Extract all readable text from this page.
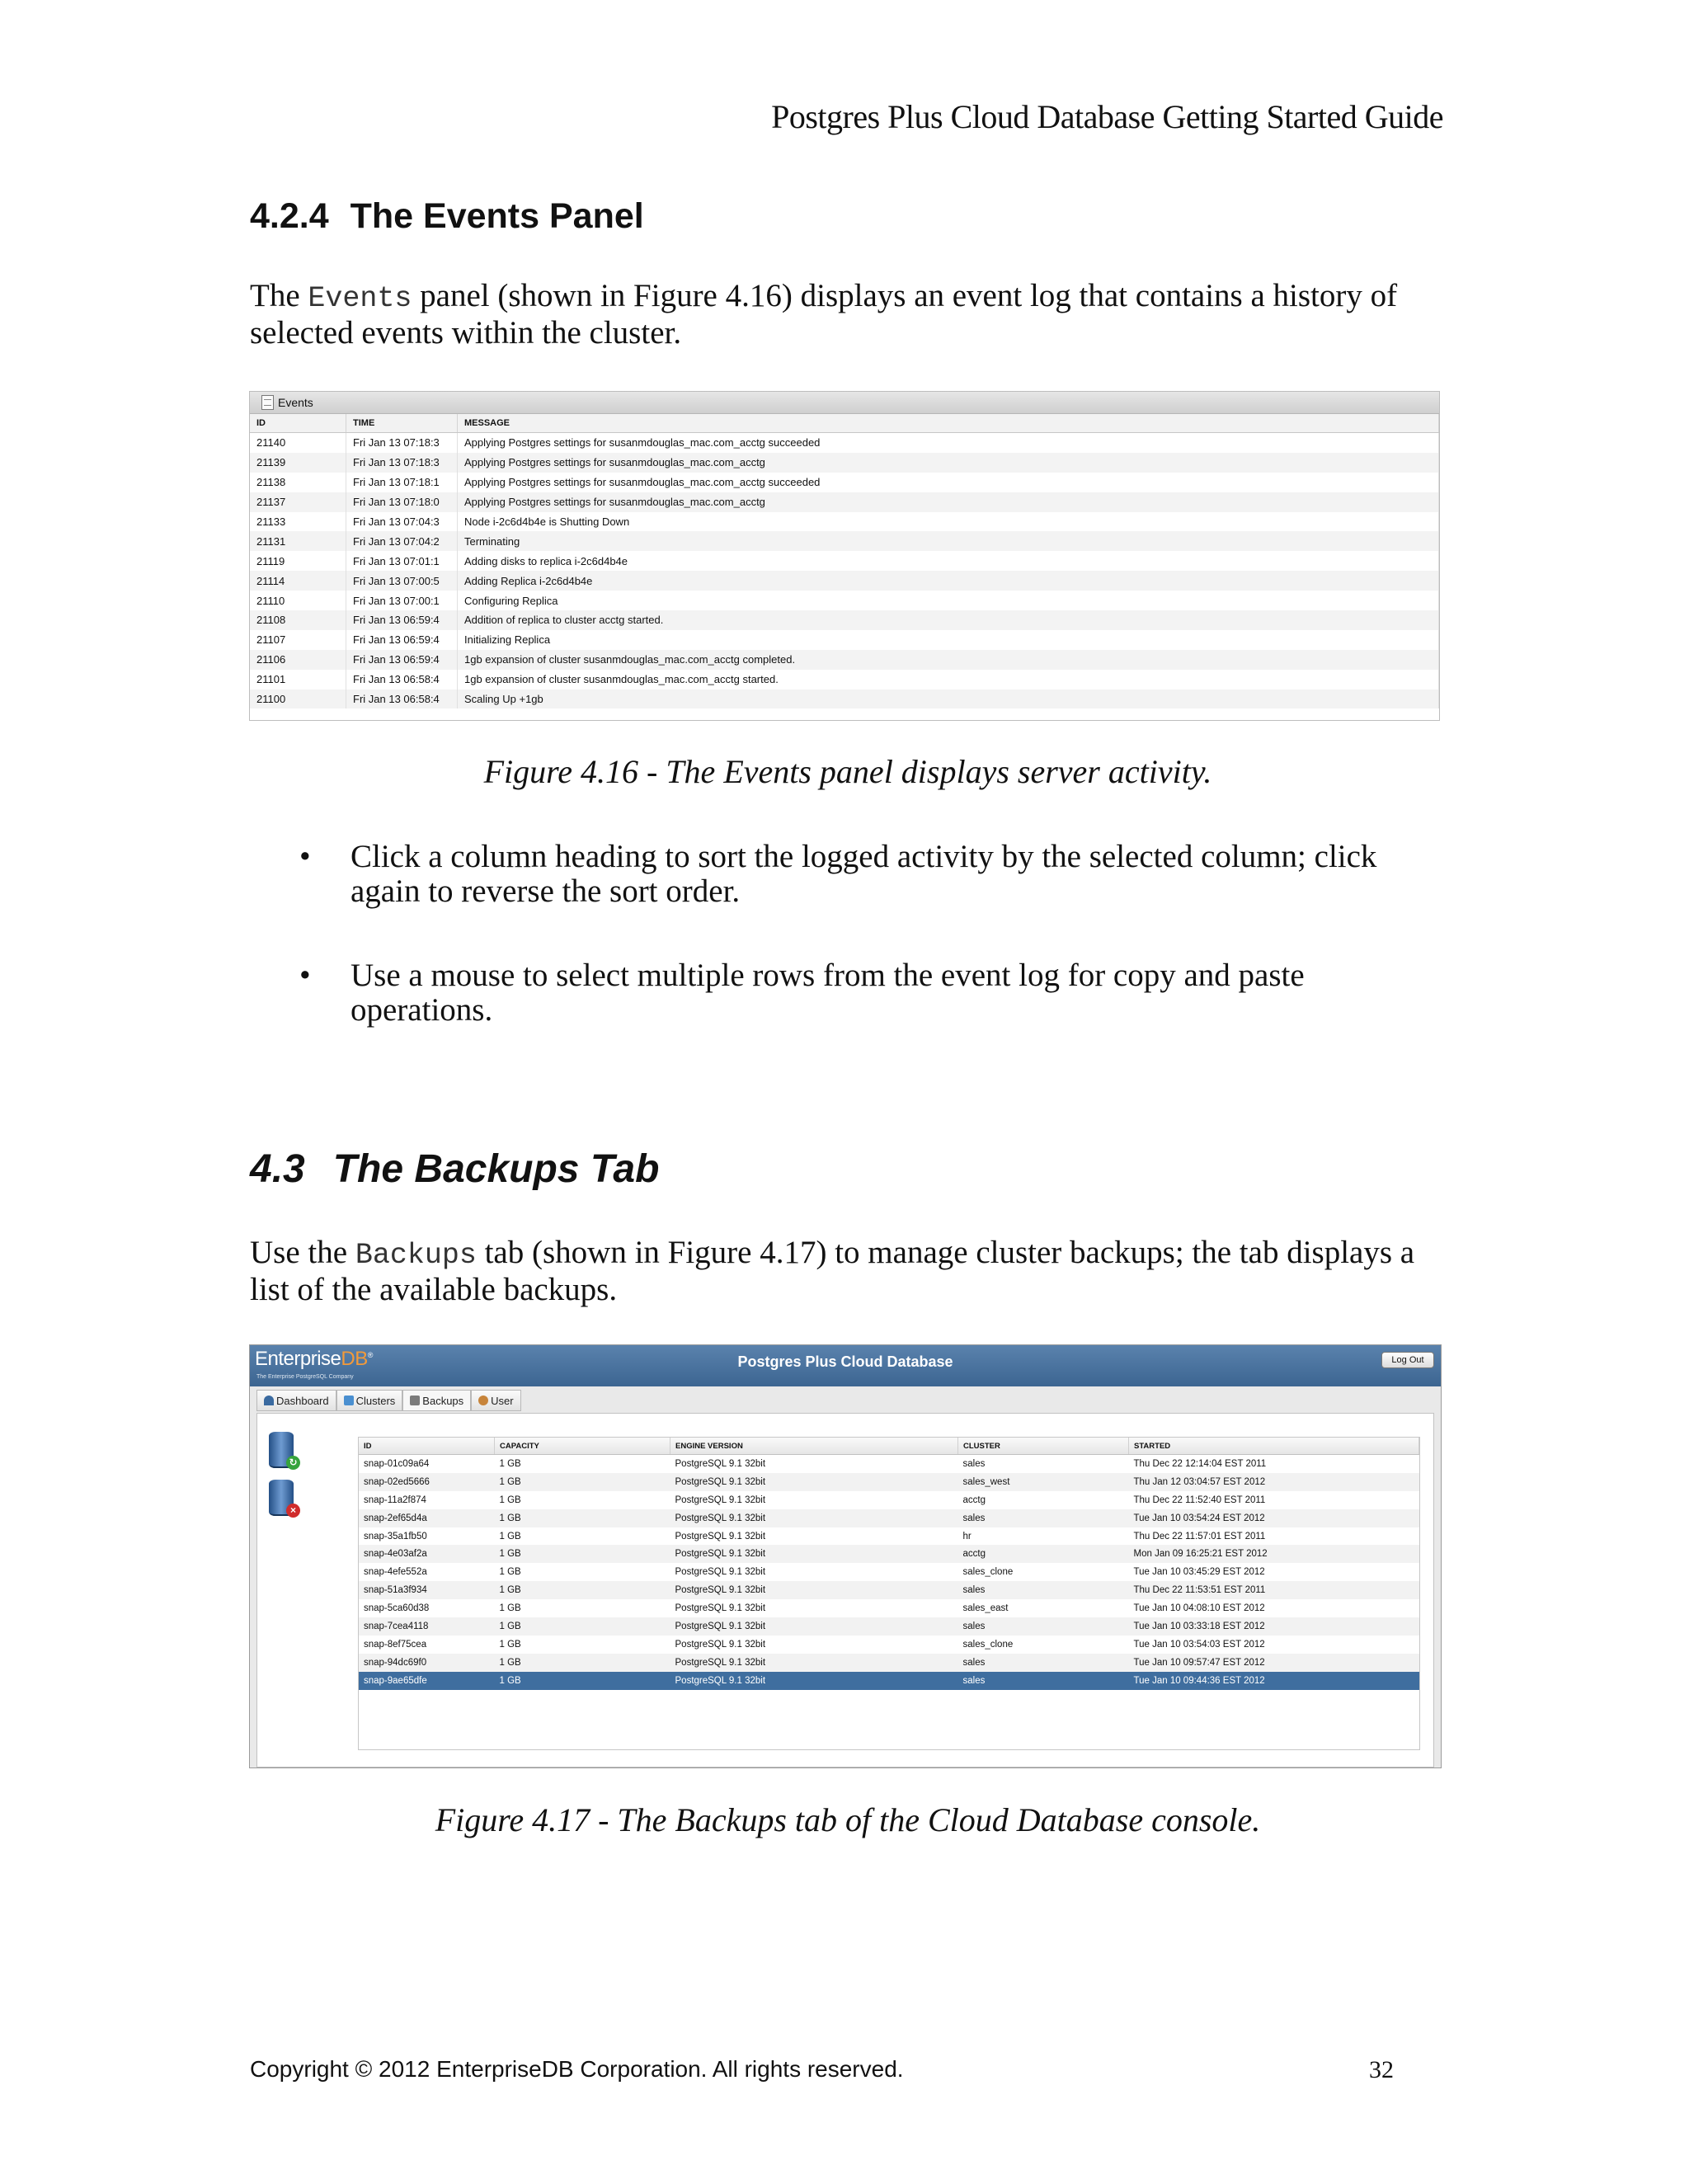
Postgres Plus Cloud Database Getting Started Guide
4.2.4 The Events Panel
The Events panel (shown in Figure 4.16) displays an event log that contains a history of selected events within the cluster.
Events
ID	TIME	MESSAGE
21140	Fri Jan 13 07:18:3	Applying Postgres settings for susanmdouglas_mac.com_acctg succeeded
21139	Fri Jan 13 07:18:3	Applying Postgres settings for susanmdouglas_mac.com_acctg
21138	Fri Jan 13 07:18:1	Applying Postgres settings for susanmdouglas_mac.com_acctg succeeded
21137	Fri Jan 13 07:18:0	Applying Postgres settings for susanmdouglas_mac.com_acctg
21133	Fri Jan 13 07:04:3	Node i-2c6d4b4e is Shutting Down
21131	Fri Jan 13 07:04:2	Terminating
21119	Fri Jan 13 07:01:1	Adding disks to replica i-2c6d4b4e
21114	Fri Jan 13 07:00:5	Adding Replica i-2c6d4b4e
21110	Fri Jan 13 07:00:1	Configuring Replica
21108	Fri Jan 13 06:59:4	Addition of replica to cluster acctg started.
21107	Fri Jan 13 06:59:4	Initializing Replica
21106	Fri Jan 13 06:59:4	1gb expansion of cluster susanmdouglas_mac.com_acctg completed.
21101	Fri Jan 13 06:58:4	1gb expansion of cluster susanmdouglas_mac.com_acctg started.
21100	Fri Jan 13 06:58:4	Scaling Up +1gb
Figure 4.16 - The Events panel displays server activity.
• Click a column heading to sort the logged activity by the selected column; click again to reverse the sort order.
• Use a mouse to select multiple rows from the event log for copy and paste operations.
4.3 The Backups Tab
Use the Backups tab (shown in Figure 4.17) to manage cluster backups; the tab displays a list of the available backups.
EnterpriseDB®
The Enterprise PostgreSQL Company
Postgres Plus Cloud Database	Log Out
Dashboard	Clusters	Backups	User
↻
×
ID	CAPACITY	ENGINE VERSION	CLUSTER	STARTED
snap-01c09a64	1 GB	PostgreSQL 9.1 32bit	sales	Thu Dec 22 12:14:04 EST 2011
snap-02ed5666	1 GB	PostgreSQL 9.1 32bit	sales_west	Thu Jan 12 03:04:57 EST 2012
snap-11a2f874	1 GB	PostgreSQL 9.1 32bit	acctg	Thu Dec 22 11:52:40 EST 2011
snap-2ef65d4a	1 GB	PostgreSQL 9.1 32bit	sales	Tue Jan 10 03:54:24 EST 2012
snap-35a1fb50	1 GB	PostgreSQL 9.1 32bit	hr	Thu Dec 22 11:57:01 EST 2011
snap-4e03af2a	1 GB	PostgreSQL 9.1 32bit	acctg	Mon Jan 09 16:25:21 EST 2012
snap-4efe552a	1 GB	PostgreSQL 9.1 32bit	sales_clone	Tue Jan 10 03:45:29 EST 2012
snap-51a3f934	1 GB	PostgreSQL 9.1 32bit	sales	Thu Dec 22 11:53:51 EST 2011
snap-5ca60d38	1 GB	PostgreSQL 9.1 32bit	sales_east	Tue Jan 10 04:08:10 EST 2012
snap-7cea4118	1 GB	PostgreSQL 9.1 32bit	sales	Tue Jan 10 03:33:18 EST 2012
snap-8ef75cea	1 GB	PostgreSQL 9.1 32bit	sales_clone	Tue Jan 10 03:54:03 EST 2012
snap-94dc69f0	1 GB	PostgreSQL 9.1 32bit	sales	Tue Jan 10 09:57:47 EST 2012
snap-9ae65dfe	1 GB	PostgreSQL 9.1 32bit	sales	Tue Jan 10 09:44:36 EST 2012
Figure 4.17 - The Backups tab of the Cloud Database console.
Copyright © 2012 EnterpriseDB Corporation. All rights reserved.	32
